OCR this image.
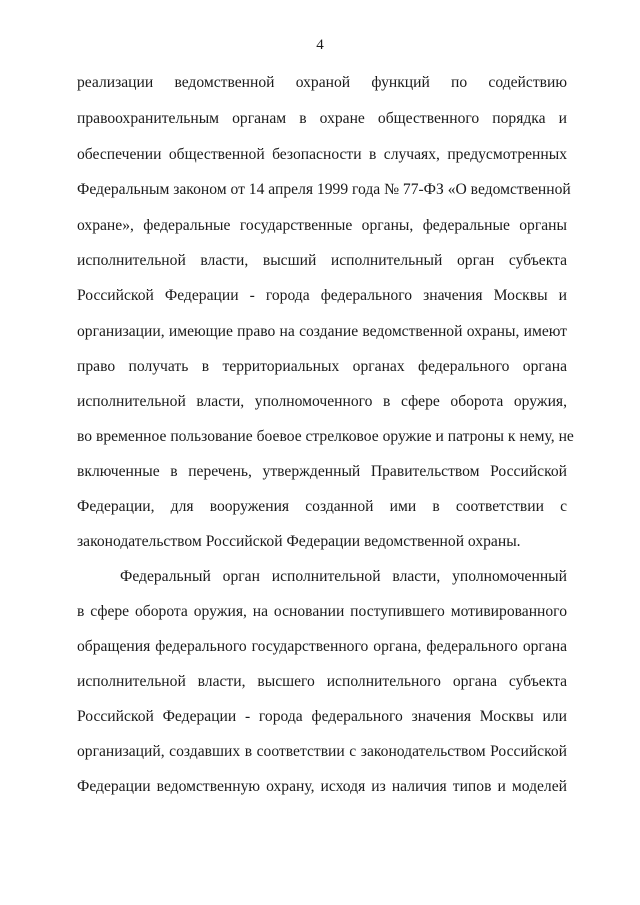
4
реализации ведомственной охраной функций по содействию
правоохранительным органам в охране общественного порядка и
обеспечении общественной безопасности в случаях, предусмотренных
Федеральным законом от 14 апреля 1999 года № 77-ФЗ «О ведомственной
охране», федеральные государственные органы, федеральные органы
исполнительной власти, высший исполнительный орган субъекта
Российской Федерации - города федерального значения Москвы и
организации, имеющие право на создание ведомственной охраны, имеют
право получать в территориальных органах федерального органа
исполнительной власти, уполномоченного в сфере оборота оружия,
во временное пользование боевое стрелковое оружие и патроны к нему, не
включенные в перечень, утвержденный Правительством Российской
Федерации, для вооружения созданной ими в соответствии с
законодательством Российской Федерации ведомственной охраны.
Федеральный орган исполнительной власти, уполномоченный
в сфере оборота оружия, на основании поступившего мотивированного
обращения федерального государственного органа, федерального органа
исполнительной власти, высшего исполнительного органа субъекта
Российской Федерации - города федерального значения Москвы или
организаций, создавших в соответствии с законодательством Российской
Федерации ведомственную охрану, исходя из наличия типов и моделей
